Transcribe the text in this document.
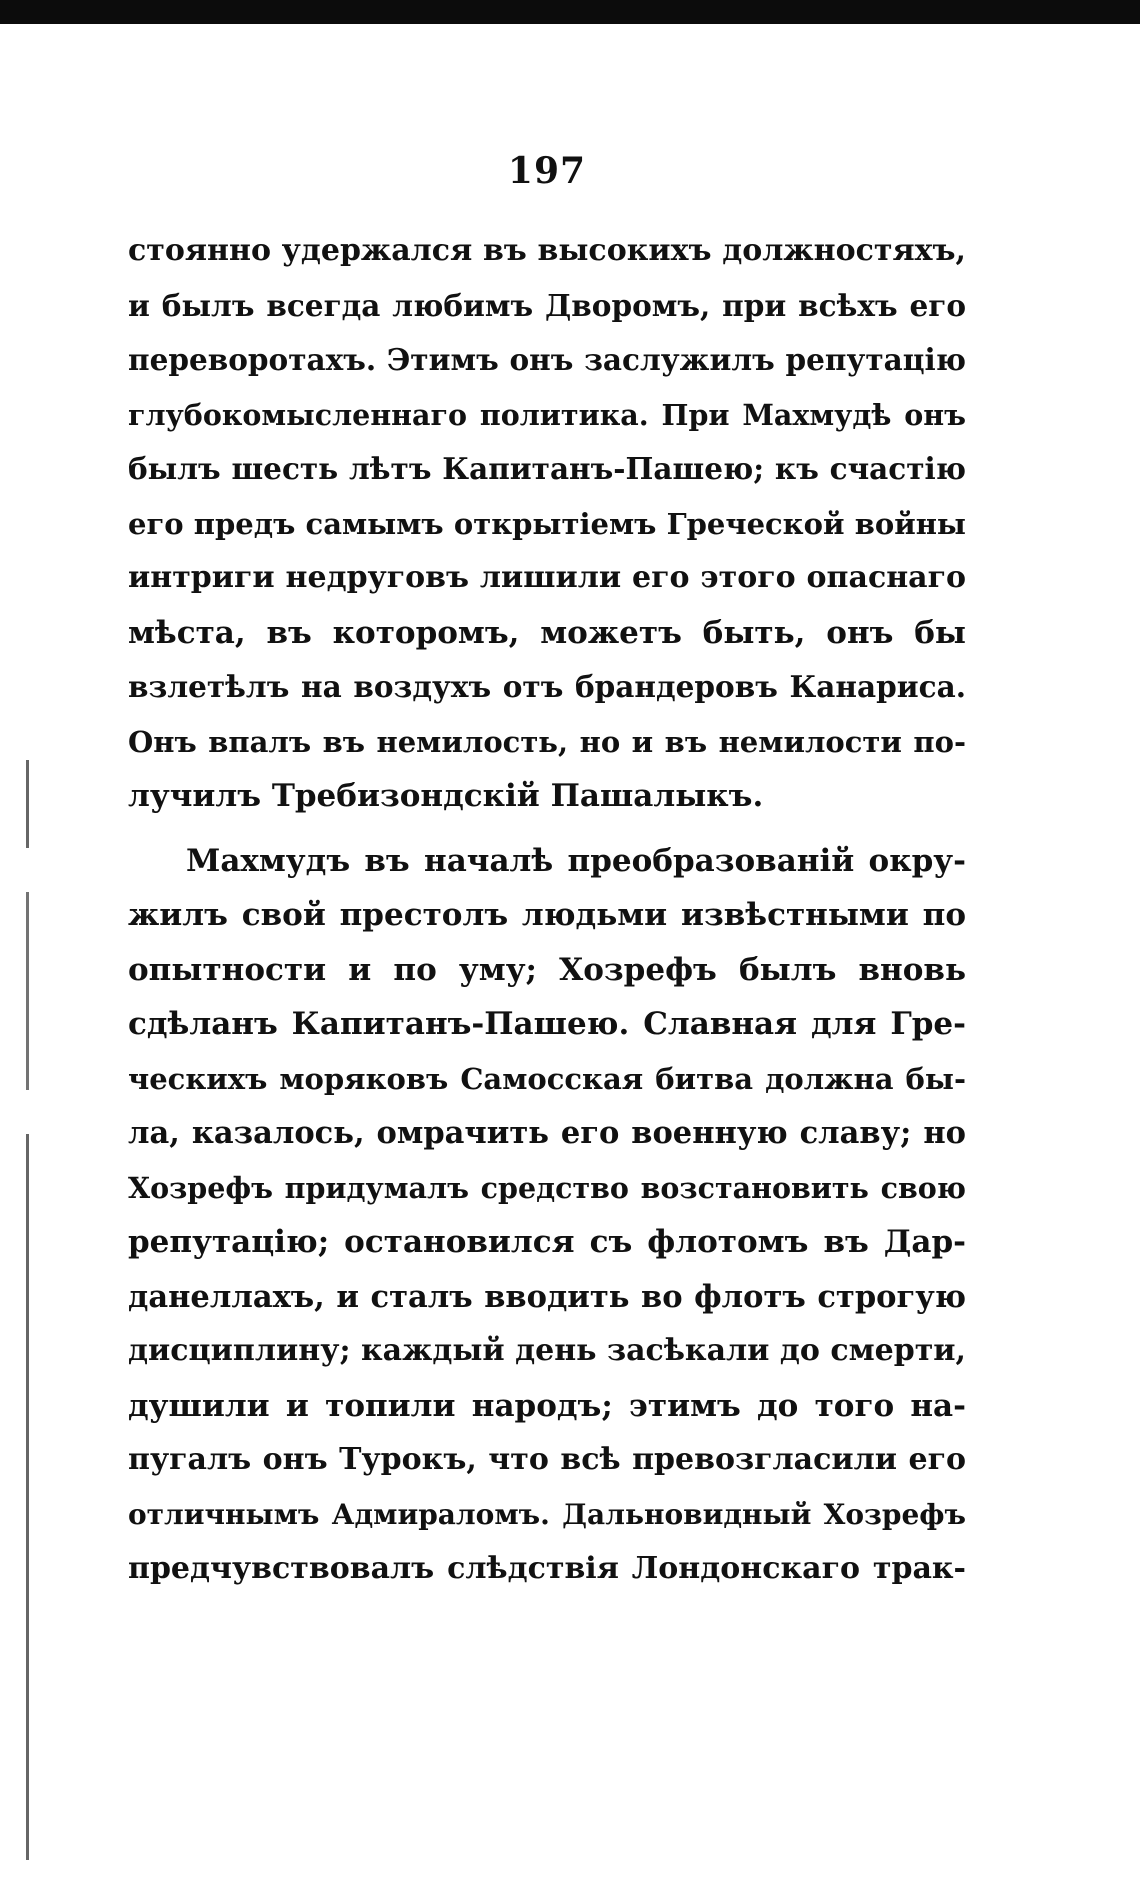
197
стоянно удержался въ высокихъ должностяхъ,
и былъ всегда любимъ Дворомъ, при всѣхъ его
переворотахъ. Этимъ онъ заслужилъ репутацію
глубокомысленнаго политика. При Махмудѣ онъ
былъ шесть лѣтъ Капитанъ-Пашею; къ счастію
его предъ самымъ открытіемъ Греческой войны
интриги недруговъ лишили его этого опаснаго
мѣста, въ которомъ, можетъ быть, онъ бы
взлетѣлъ на воздухъ отъ брандеровъ Канариса.
Онъ впалъ въ немилость, но и въ немилости по-
лучилъ Требизондскій Пашалыкъ.
Махмудъ въ началѣ преобразованій окру-
жилъ свой престолъ людьми извѣстными по
опытности и по уму; Хозрефъ былъ вновь
сдѣланъ Капитанъ-Пашею. Славная для Гре-
ческихъ моряковъ Самосская битва должна бы-
ла, казалось, омрачить его военную славу; но
Хозрефъ придумалъ средство возстановить свою
репутацію; остановился съ флотомъ въ Дар-
данеллахъ, и сталъ вводить во флотъ строгую
дисциплину; каждый день засѣкали до смерти,
душили и топили народъ; этимъ до того на-
пугалъ онъ Турокъ, что всѣ превозгласили его
отличнымъ Адмираломъ. Дальновидный Хозрефъ
предчувствовалъ слѣдствія Лондонскаго трак-
